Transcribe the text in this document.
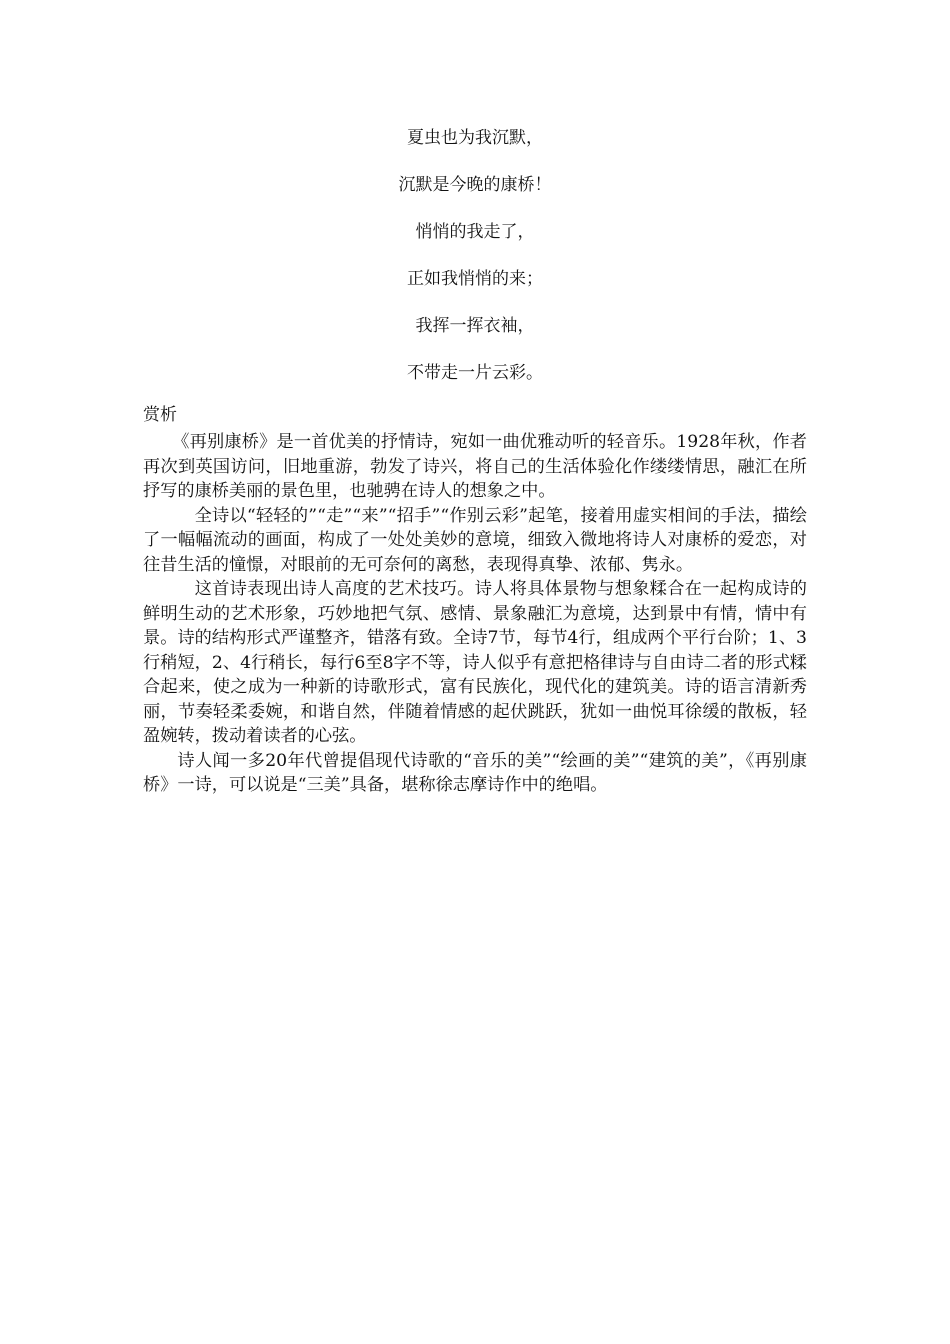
夏虫也为我沉默，
沉默是今晚的康桥！
悄悄的我走了，
正如我悄悄的来；
我挥一挥衣袖，
不带走一片云彩。
赏析

《再别康桥》是一首优美的抒情诗，宛如一曲优雅动听的轻音乐。1928年秋，作者再次到英国访问，旧地重游，勃发了诗兴，将自己的生活体验化作缕缕情思，融汇在所抒写的康桥美丽的景色里，也驰骋在诗人的想象之中。

全诗以“轻轻的”“走”“来”“招手”“作别云彩”起笔，接着用虚实相间的手法，描绘了一幅幅流动的画面，构成了一处处美妙的意境，细致入微地将诗人对康桥的爱恋，对往昔生活的憧憬，对眼前的无可奈何的离愁，表现得真挚、浓郁、隽永。

这首诗表现出诗人高度的艺术技巧。诗人将具体景物与想象糅合在一起构成诗的鲜明生动的艺术形象，巧妙地把气氛、感情、景象融汇为意境，达到景中有情，情中有景。诗的结构形式严谨整齐，错落有致。全诗7节，每节4行，组成两个平行台阶；1、3行稍短，2、4行稍长，每行6至8字不等，诗人似乎有意把格律诗与自由诗二者的形式糅合起来，使之成为一种新的诗歌形式，富有民族化，现代化的建筑美。诗的语言清新秀丽，节奏轻柔委婉，和谐自然，伴随着情感的起伏跳跃，犹如一曲悦耳徐缓的散板，轻盈婉转，拨动着读者的心弦。

诗人闻一多20年代曾提倡现代诗歌的“音乐的美”“绘画的美”“建筑的美”，《再别康桥》一诗，可以说是“三美”具备，堪称徐志摩诗作中的绝唱。
